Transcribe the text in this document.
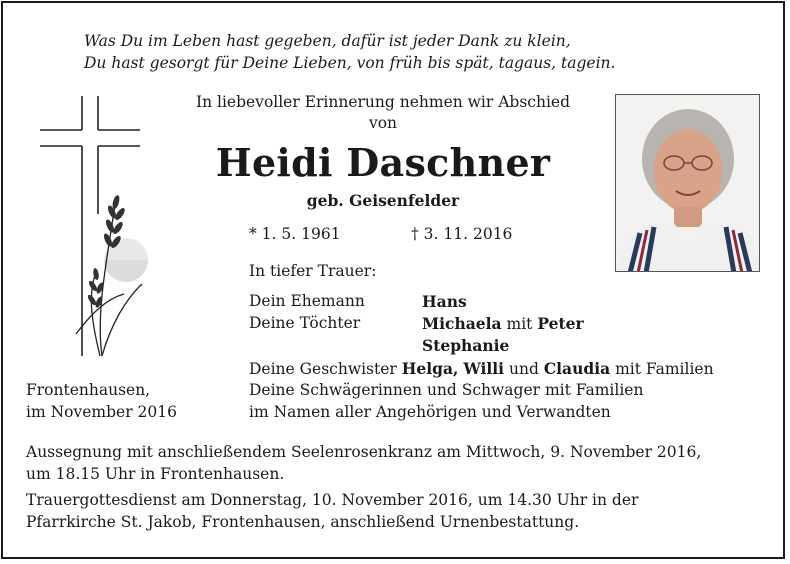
Was Du im Leben hast gegeben, dafür ist jeder Dank zu klein,
Du hast gesorgt für Deine Lieben, von früh bis spät, tagaus, tagein.
In liebevoller Erinnerung nehmen wir Abschied
von
Heidi Daschner
geb. Geisenfelder
* 1. 5. 1961	† 3. 11. 2016
In tiefer Trauer:
Dein Ehemann	Hans
Deine Töchter	Michaela mit Peter
Stephanie
Deine Geschwister Helga, Willi und Claudia mit Familien
Deine Schwägerinnen und Schwager mit Familien
im Namen aller Angehörigen und Verwandten
Frontenhausen,
im November 2016
Aussegnung mit anschließendem Seelenrosenkranz am Mittwoch, 9. November 2016,
um 18.15 Uhr in Frontenhausen.
Trauergottesdienst am Donnerstag, 10. November 2016, um 14.30 Uhr in der
Pfarrkirche St. Jakob, Frontenhausen, anschließend Urnenbestattung.
